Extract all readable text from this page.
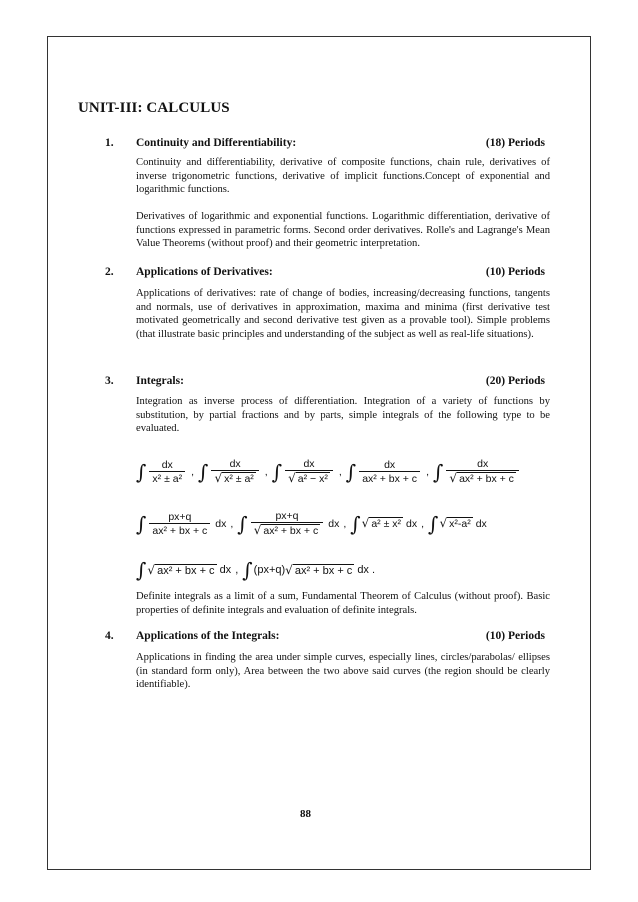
UNIT-III: CALCULUS
1. Continuity and Differentiability:	(18) Periods
Continuity and differentiability, derivative of composite functions, chain rule, derivatives of inverse trigonometric functions, derivative of implicit functions.Concept of exponential and logarithmic functions.
Derivatives of logarithmic and exponential functions. Logarithmic differentiation, derivative of functions expressed in parametric forms. Second order derivatives. Rolle's and Lagrange's Mean Value Theorems (without proof) and their geometric interpretation.
2. Applications of Derivatives:	(10) Periods
Applications of derivatives: rate of change of bodies, increasing/decreasing functions, tangents and normals, use of derivatives in approximation, maxima and minima (first derivative test motivated geometrically and second derivative test given as a provable tool). Simple problems (that illustrate basic principles and understanding of the subject as well as real-life situations).
3. Integrals:	(20) Periods
Integration as inverse process of differentiation. Integration of a variety of functions by substitution, by partial fractions and by parts, simple integrals of the following type to be evaluated.
∫ $\frac{dx}{\text{x² ± a²}}$ , ∫ $\frac{dx}{\text{√ x² ± a²}}$ , ∫ $\frac{dx}{\text{√ a² − x²}}$ , ∫ $\frac{dx}{\text{ax² + bx + c}}$ , ∫ $\frac{dx}{\text{√ ax² + bx + c}}$
∫ $\frac{px+q}{\text{ax² + bx + c}}$ dx , ∫ $\frac{px+q}{\text{√ ax² + bx + c}}$ dx , ∫ √ a² ± x² dx , ∫ √ x²-a² dx
∫ √ ax² + bx + c dx , ∫ (px+q) √ ax² + bx + c dx .
Definite integrals as a limit of a sum, Fundamental Theorem of Calculus (without proof). Basic properties of definite integrals and evaluation of definite integrals.
4. Applications of the Integrals:	(10) Periods
Applications in finding the area under simple curves, especially lines, circles/parabolas/ ellipses (in standard form only), Area between the two above said curves (the region should be clearly identifiable).
88
